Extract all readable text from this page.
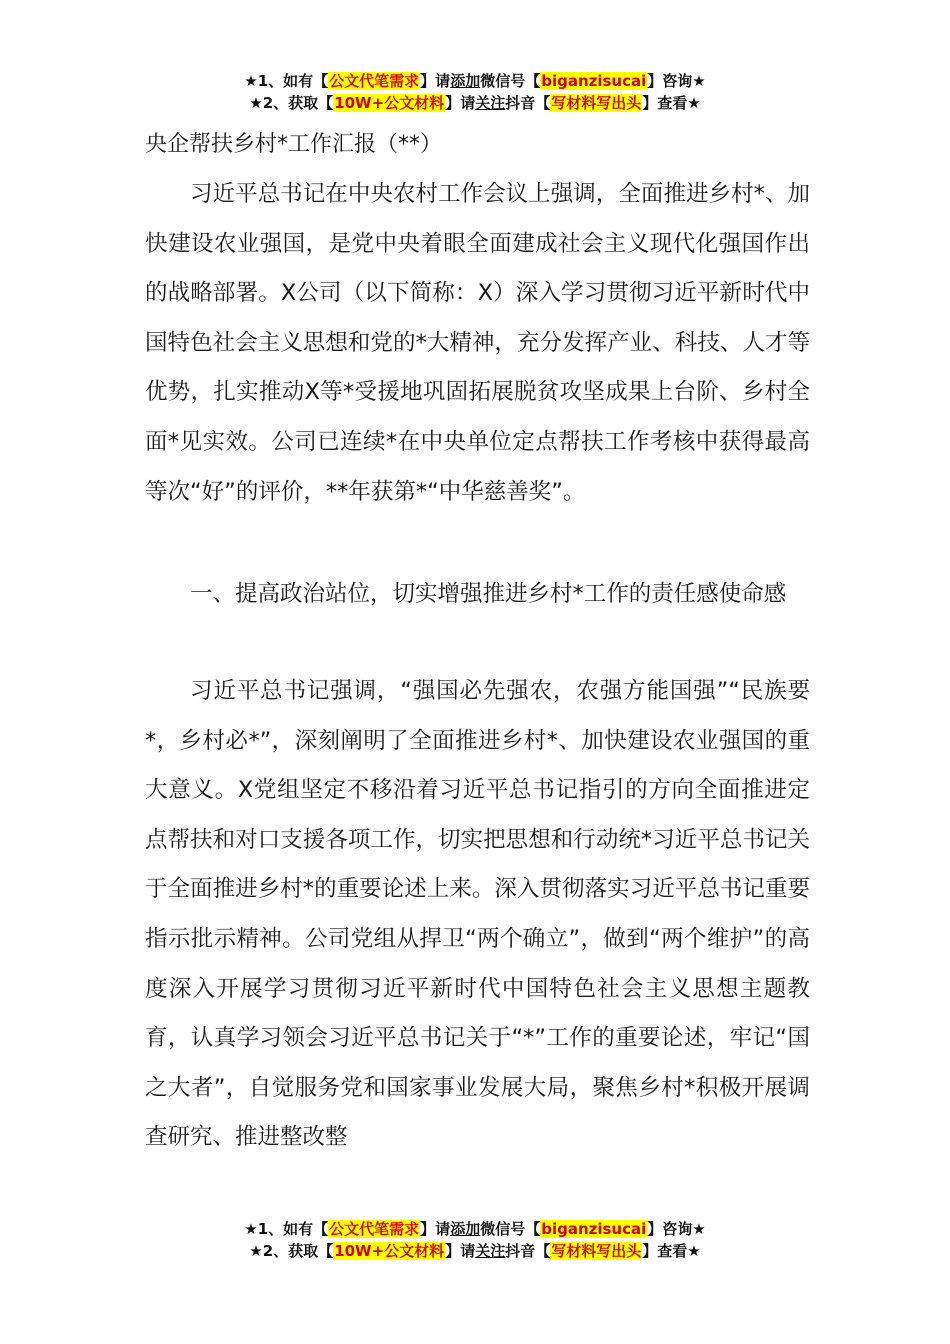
★1、如有【公文代笔需求】请添加微信号【biganzisucai】咨询★
★2、获取【10W+公文材料】请关注抖音【写材料写出头】查看★
央企帮扶乡村*工作汇报（**）

习近平总书记在中央农村工作会议上强调，全面推进乡村*、加快建设农业强国，是党中央着眼全面建成社会主义现代化强国作出的战略部署。X公司（以下简称：X）深入学习贯彻习近平新时代中国特色社会主义思想和党的*大精神，充分发挥产业、科技、人才等优势，扎实推动X等*受援地巩固拓展脱贫攻坚成果上台阶、乡村全面*见实效。公司已连续*在中央单位定点帮扶工作考核中获得最高等次“好”的评价，**年获第*“中华慈善奖”。

一、提高政治站位，切实增强推进乡村*工作的责任感使命感

习近平总书记强调，“强国必先强农，农强方能国强”“民族要*，乡村必*”，深刻阐明了全面推进乡村*、加快建设农业强国的重大意义。X党组坚定不移沿着习近平总书记指引的方向全面推进定点帮扶和对口支援各项工作，切实把思想和行动统*习近平总书记关于全面推进乡村*的重要论述上来。深入贯彻落实习近平总书记重要指示批示精神。公司党组从捍卫“两个确立”，做到“两个维护”的高度深入开展学习贯彻习近平新时代中国特色社会主义思想主题教育，认真学习领会习近平总书记关于“*”工作的重要论述，牢记“国之大者”，自觉服务党和国家事业发展大局，聚焦乡村*积极开展调查研究、推进整改整

★1、如有【公文代笔需求】请添加微信号【biganzisucai】咨询★
★2、获取【10W+公文材料】请关注抖音【写材料写出头】查看★
